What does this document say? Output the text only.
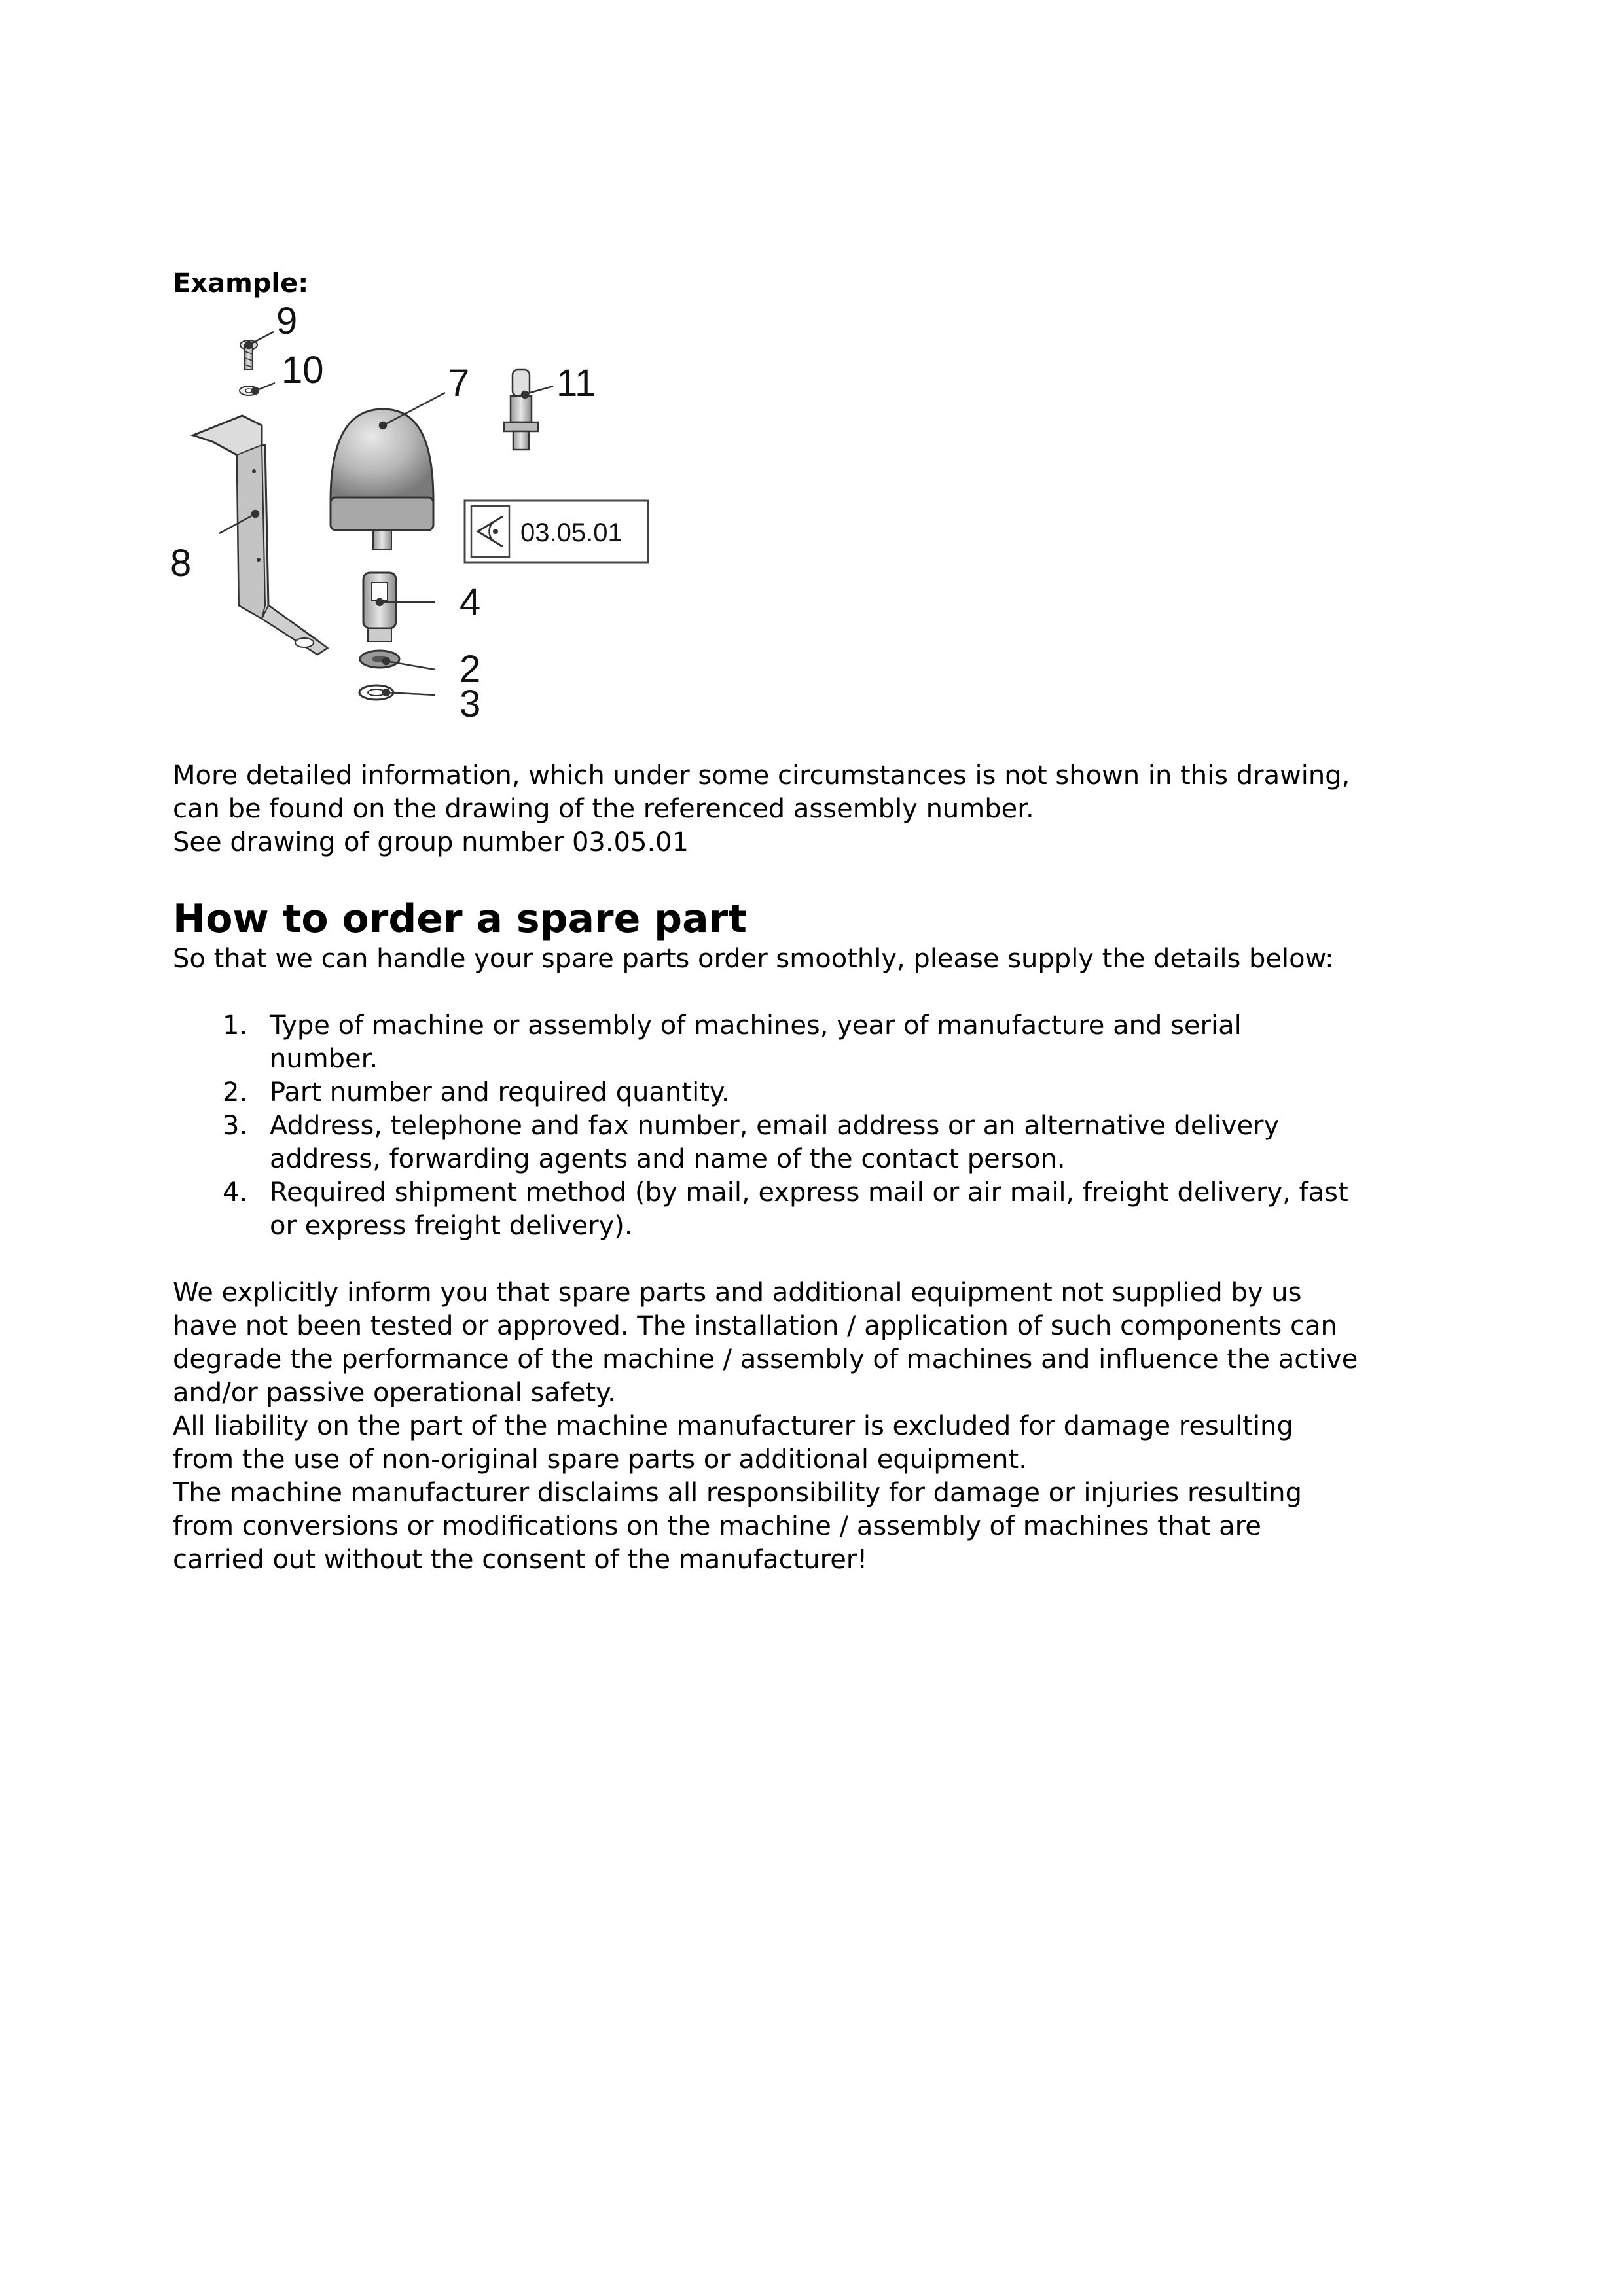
Example:

9
10	7 11
8
4
2
3
03.05.01
More detailed information, which under some circumstances is not shown in this drawing,
can be found on the drawing of the referenced assembly number.
See drawing of group number 03.05.01
How to order a spare part

So that we can handle your spare parts order smoothly, please supply the details below:

1. Type of machine or assembly of machines, year of manufacture and serial
number.
2. Part number and required quantity.
3. Address, telephone and fax number, email address or an alternative delivery
address, forwarding agents and name of the contact person.
4. Required shipment method (by mail, express mail or air mail, freight delivery, fast
or express freight delivery).

We explicitly inform you that spare parts and additional equipment not supplied by us

have not been tested or approved. The installation / application of such components can

degrade the performance of the machine / assembly of machines and influence the active

and/or passive operational safety.

All liability on the part of the machine manufacturer is excluded for damage resulting

from the use of non-original spare parts or additional equipment.

The machine manufacturer disclaims all responsibility for damage or injuries resulting

from conversions or modifications on the machine / assembly of machines that are

carried out without the consent of the manufacturer!
